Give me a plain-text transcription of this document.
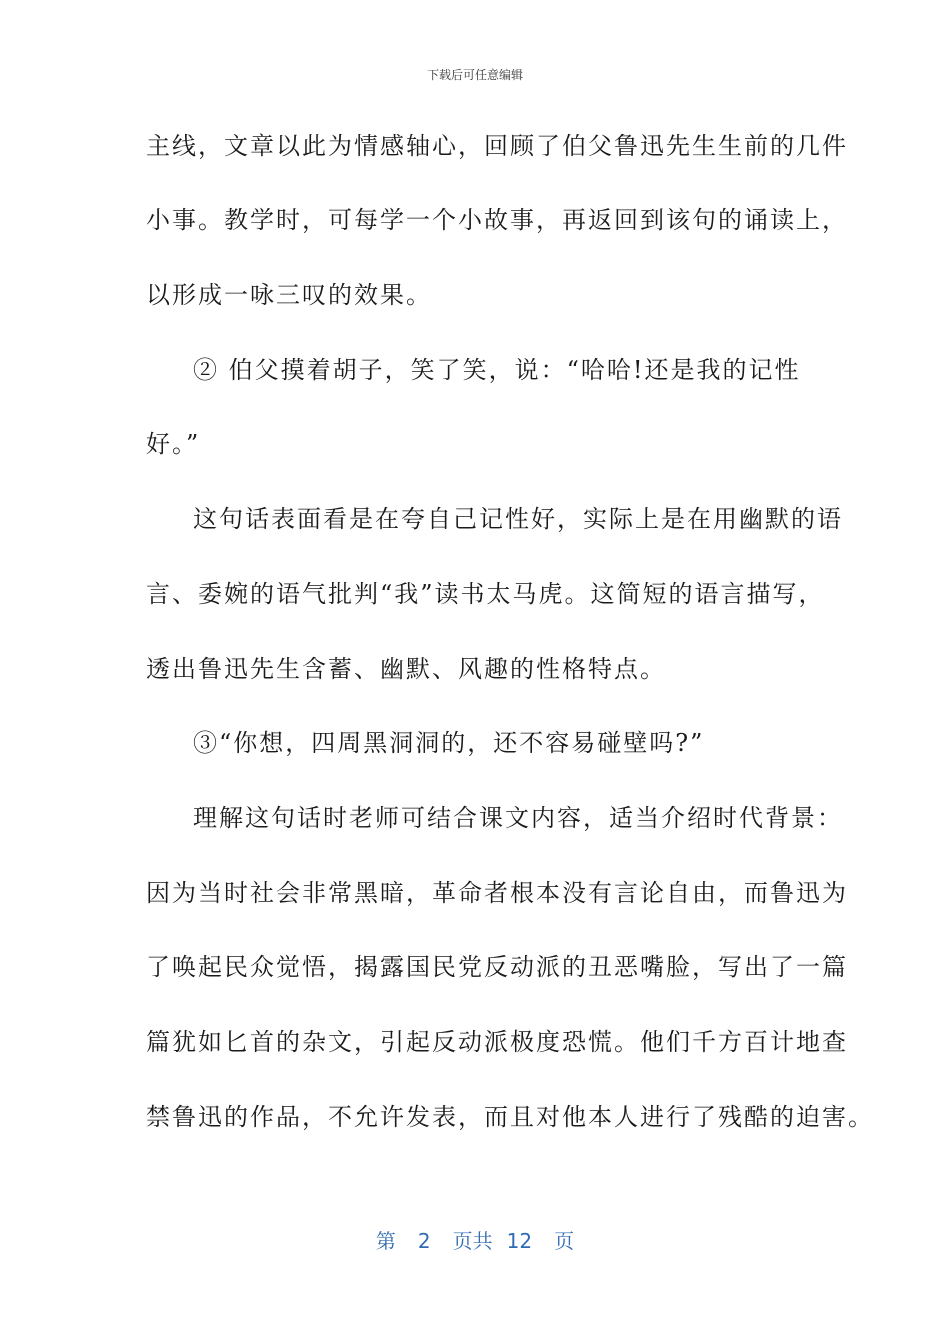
下载后可任意编辑
主线，文章以此为情感轴心，回顾了伯父鲁迅先生生前的几件
小事。教学时，可每学一个小故事，再返回到该句的诵读上，
以形成一咏三叹的效果。
② 伯父摸着胡子，笑了笑，说：“哈哈!还是我的记性
好。”
这句话表面看是在夸自己记性好，实际上是在用幽默的语
言、委婉的语气批判“我”读书太马虎。这简短的语言描写，
透出鲁迅先生含蓄、幽默、风趣的性格特点。
③“你想，四周黑洞洞的，还不容易碰壁吗?”
理解这句话时老师可结合课文内容，适当介绍时代背景：
因为当时社会非常黑暗，革命者根本没有言论自由，而鲁迅为
了唤起民众觉悟，揭露国民党反动派的丑恶嘴脸，写出了一篇
篇犹如匕首的杂文，引起反动派极度恐慌。他们千方百计地查
禁鲁迅的作品，不允许发表，而且对他本人进行了残酷的迫害。
第 2 页共 12 页
